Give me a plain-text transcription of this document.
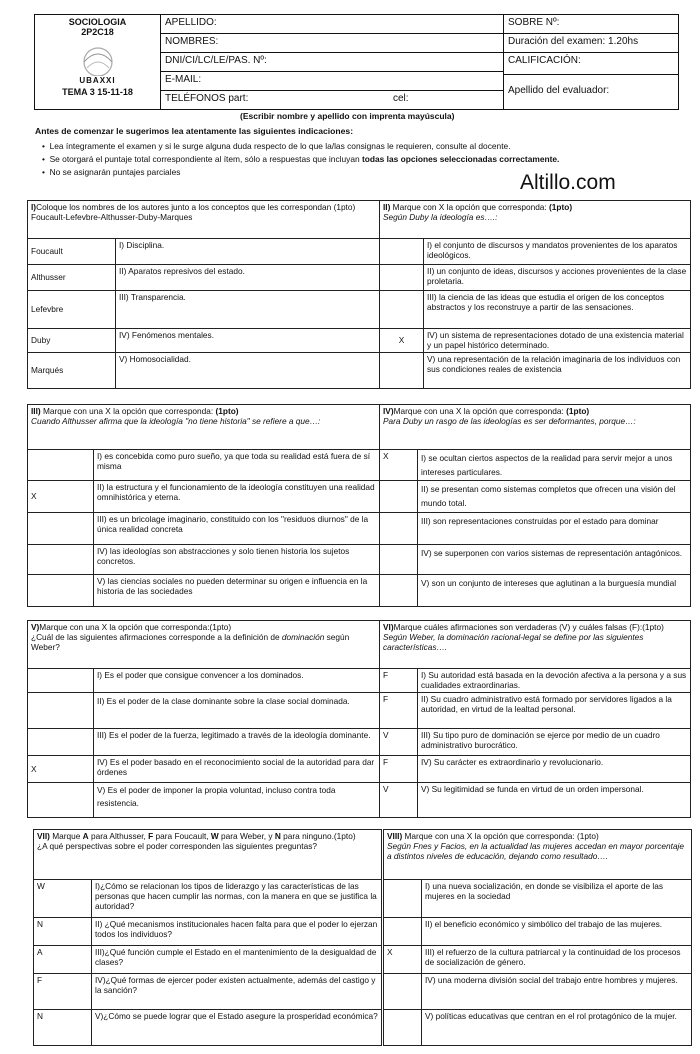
SOCIOLOGIA
2P2C18
UBAXXI
TEMA 3 15-11-18

APELLIDO:
NOMBRES:
DNI/CI/LC/LE/PAS. Nº:
E-MAIL:
TELÉFONOS part:	cel:

SOBRE Nº:
Duración del examen: 1.20hs
CALIFICACIÓN:
Apellido del evaluador:
(Escribir nombre y apellido con imprenta mayúscula)
Antes de comenzar le sugerimos lea atentamente las siguientes indicaciones:
•  Lea íntegramente el examen y si le surge alguna duda respecto de lo que la/las consignas le requieren, consulte al docente.
•  Se otorgará el puntaje total correspondiente al ítem, sólo a respuestas que incluyan todas las opciones seleccionadas correctamente.
•  No se asignarán puntajes parciales	Altillo.com
I)Coloque los nombres de los autores junto a los conceptos que les correspondan (1pto)
Foucault-Lefevbre-Althusser-Duby-Marques	
Foucault	I) Disciplina.
Althusser	II) Aparatos represivos del estado.
Lefevbre	III) Transparencia.
Duby	IV) Fenómenos mentales.
Marqués	V) Homosocialidad.
II) Marque con X la opción que corresponda: (1pto)
Según Duby la ideología es….:	
	I) el conjunto de discursos y mandatos provenientes de los aparatos ideológicos.
	II) un conjunto de ideas, discursos y acciones provenientes de la clase proletaria.
	III) la ciencia de las ideas que estudia el origen de los conceptos abstractos y los reconstruye a partir de las sensaciones.
X	IV) un sistema de representaciones dotado de una existencia material y un papel histórico determinado.
	V) una representación de la relación imaginaria de los individuos con sus condiciones reales de existencia
III) Marque con una X la opción que corresponda: (1pto)
Cuando Althusser afirma que la ideología "no tiene historia" se refiere a que…:	
	I) es concebida como puro sueño, ya que toda su realidad está fuera de sí misma
X	II) la estructura y el funcionamiento de la ideología constituyen una realidad omnihistórica y eterna.
	III) es un bricolage imaginario, constituido con los "residuos diurnos" de la única realidad concreta
	IV) las ideologías son abstracciones y solo tienen historia los sujetos concretos.
	V) las ciencias sociales no pueden determinar su origen e influencia en la historia de las sociedades
IV)Marque con una X la opción que corresponda: (1pto)
Para Duby un rasgo de las ideologías es ser deformantes, porque…:	
X	I) se ocultan ciertos aspectos de la realidad para servir mejor a unos intereses particulares.
	II) se presentan como sistemas completos que ofrecen una visión del mundo total.
	III) son representaciones construidas por el estado para dominar
	IV) se superponen con varios sistemas de representación antagónicos.
	V) son un conjunto de intereses que aglutinan a la burguesía mundial
V)Marque con una X la opción que corresponda:(1pto)
¿Cuál de las siguientes afirmaciones corresponde a la definición de dominación según Weber?	
	I) Es el poder que consigue convencer a los dominados.
	II) Es el poder de la clase dominante sobre la clase social dominada.
	III) Es el poder de la fuerza, legitimado a través de la ideología dominante.
X	IV) Es el poder basado en el reconocimiento social de la autoridad para dar órdenes
	V) Es el poder de imponer la propia voluntad, incluso contra toda resistencia.
VI)Marque cuáles afirmaciones son verdaderas (V) y cuáles falsas (F):(1pto)
Según Weber, la dominación racional-legal se define por las siguientes características….	
F	I) Su autoridad está basada en la devoción afectiva a la persona y a sus cualidades extraordinarias.
F	II) Su cuadro administrativo está formado por servidores ligados a la autoridad, en virtud de la lealtad personal.
V	III) Su tipo puro de dominación se ejerce por medio de un cuadro administrativo burocrático.
F	IV) Su carácter es extraordinario y revolucionario.
V	V) Su legitimidad se funda en virtud de un orden impersonal.
VII) Marque A para Althusser, F para Foucault, W para Weber, y N para ninguno.(1pto)
¿A qué perspectivas sobre el poder corresponden las siguientes preguntas?	
W	I)¿Cómo se relacionan los tipos de liderazgo y las características de las personas que hacen cumplir las normas, con la manera en que se justifica la autoridad?
N	II) ¿Qué mecanismos institucionales hacen falta para que el poder lo ejerzan todos los individuos?
A	III)¿Qué función cumple el Estado en el mantenimiento de la desigualdad de clases?
F	IV)¿Qué formas de ejercer poder existen actualmente, además del castigo y la sanción?
N	V)¿Cómo se puede lograr que el Estado asegure la prosperidad económica?
VIII) Marque con una X la opción que corresponda: (1pto)
Según Fnes y Facios, en la actualidad las mujeres accedan en mayor porcentaje a distintos niveles de educación, dejando como resultado….	
	I) una nueva socialización, en donde se visibiliza el aporte de las mujeres en la sociedad
	II) el beneficio económico y simbólico del trabajo de las mujeres.
X	III) el refuerzo de la cultura patriarcal y la continuidad de los procesos de socialización de género.
	IV) una moderna división social del trabajo entre hombres y mujeres.
	V) políticas educativas que centran en el rol protagónico de la mujer.
